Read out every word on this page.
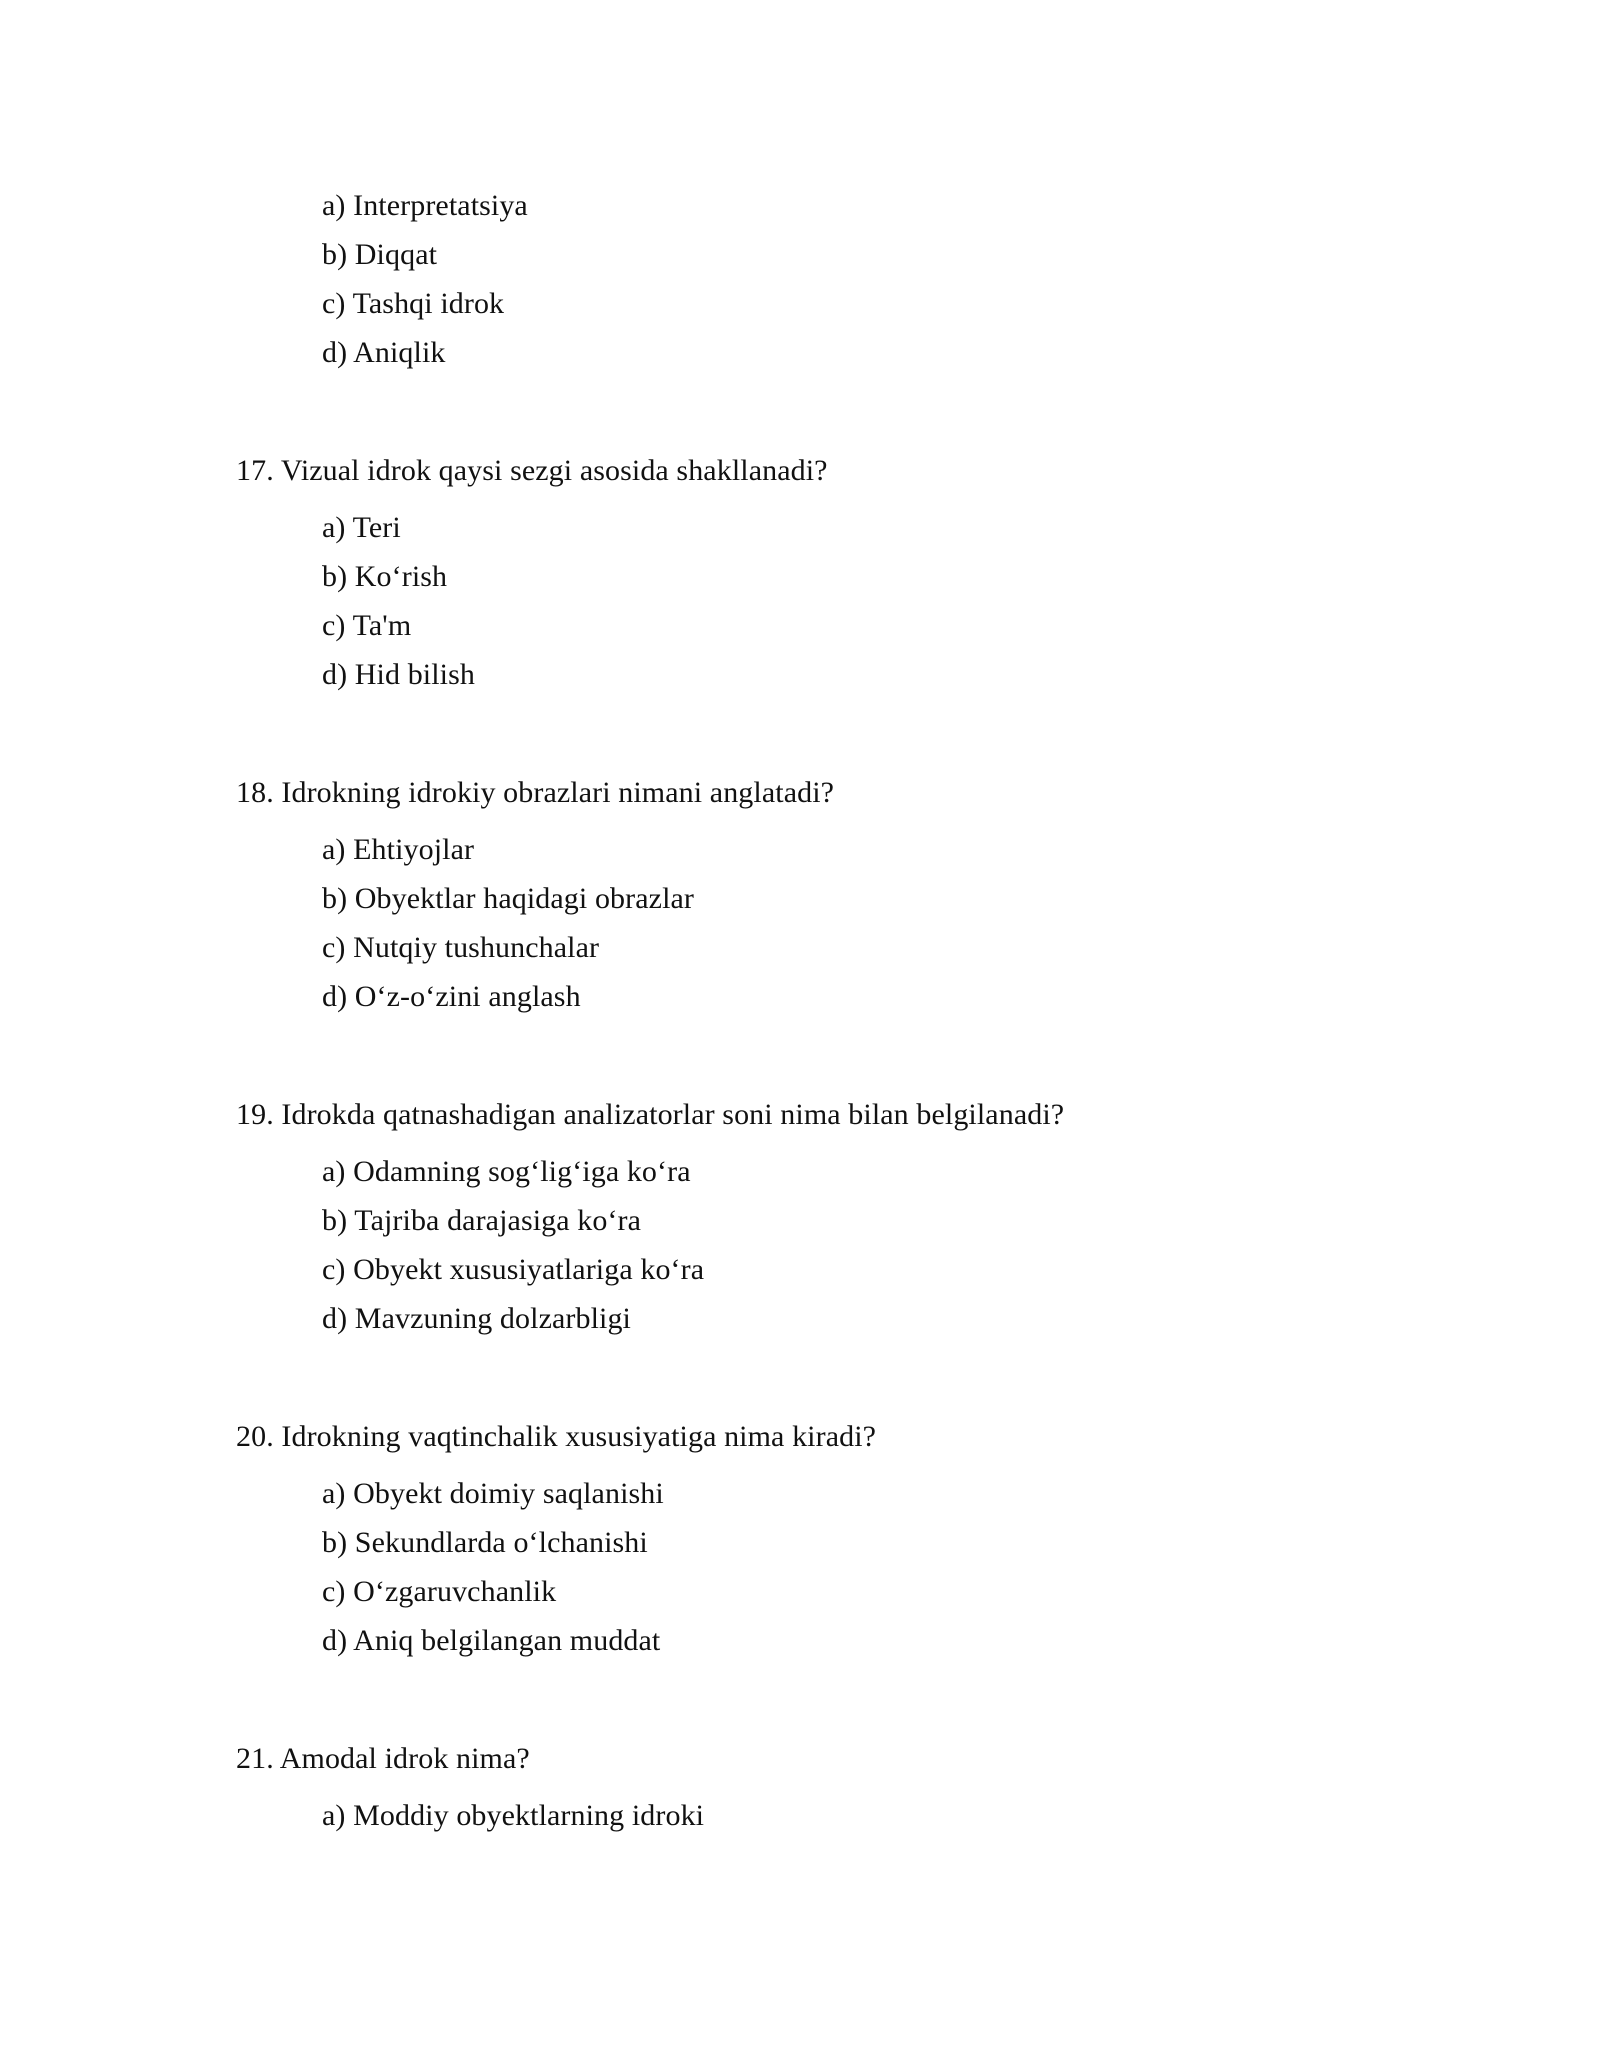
a) Interpretatsiya
b) Diqqat
c) Tashqi idrok
d) Aniqlik
17. Vizual idrok qaysi sezgi asosida shakllanadi?
a) Teri
b) Ko‘rish
c) Ta'm
d) Hid bilish
18. Idrokning idrokiy obrazlari nimani anglatadi?
a) Ehtiyojlar
b) Obyektlar haqidagi obrazlar
c) Nutqiy tushunchalar
d) O‘z-o‘zini anglash
19. Idrokda qatnashadigan analizatorlar soni nima bilan belgilanadi?
a) Odamning sog‘lig‘iga ko‘ra
b) Tajriba darajasiga ko‘ra
c) Obyekt xususiyatlariga ko‘ra
d) Mavzuning dolzarbligi
20. Idrokning vaqtinchalik xususiyatiga nima kiradi?
a) Obyekt doimiy saqlanishi
b) Sekundlarda o‘lchanishi
c) O‘zgaruvchanlik
d) Aniq belgilangan muddat
21. Amodal idrok nima?
a) Moddiy obyektlarning idroki
